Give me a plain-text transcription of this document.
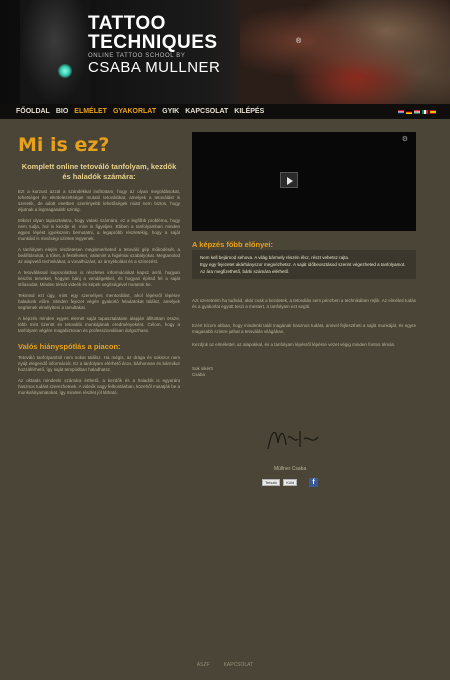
TATTOO
TECHNIQUES
ONLINE TATTOO SCHOOL BY
CSABA MULLNER
®
FŐOLDAL BIO ELMÉLET GYAKORLAT GYIK KAPCSOLAT KILÉPÉS
Mi is ez?
Komplett online tetováló tanfolyam, kezdők és haladók számára:

Ezt a kurzust azzal a szándékkal indítottam, hogy az olyan megoldásokat, tehetséget és elkötelezettséget mutató tetoválókat, amelyek a tetoválást is szeretik, de adott esetben szerényebb lehetőségek miatt nem biztos, hogy eljutnak a legmagasabb szintig.

Miközt olyan tapasztalatra, hogy valaki számára, ez a legfőbb probléma, hogy nem tudja, hol is kezdje el, mire is figyeljen. Ebben a tanfolyamban minden egyes lépést igyekszem bemutatni, a legapróbb részletekig, hogy a saját munkáid is minőségi szinten legyenek.

A tanfolyam elején részletesen megismerheted a tetováló gép működését, a beállításokat, a tűket, a festékeket, valamint a higiéniai szabályokat. Megtanulod az alapvető technikákat, a vonalhúzást, az árnyékolást és a színezést.

A tetoválással kapcsolatban is részletes információkat kapsz arról, hogyan készíts terveket, hogyan bánj a vendégekkel, és hogyan építsd fel a saját stílusodat. Minden témát videók és képek segítségével mutatok be.

Tekintsd ezt úgy, mint egy személyes mentorálást, ahol lépésről lépésre haladunk előre. Minden fejezet végén gyakorló feladatokat találsz, amelyek segítenek elmélyíteni a tanultakat.

A képzés minden egyes elemét saját tapasztalataim alapján állítottam össze, több mint tizenöt év tetoválói munkájának eredményeként. Célom, hogy a tanfolyam végére magabiztosan és professzionálisan dolgozhass.

Valós hiányspótlás a piacon:

Tetováló tanfolyamból nem sokat találsz. Ha mégis, az drága és sokszor nem nyújt elegendő információt. Ez a tanfolyam elérhető áron, bárhonnan és bármikor hozzáférhető, így saját tempódban haladhatsz.

Az oktatás mindenki számára érthető, a kezdők és a haladók is egyaránt hasznos tudást szerezhetnek. A videók nagy felbontásban, közelről mutatják be a munkafolyamatokat, így minden részlet jól látható.

⚙
A képzés főbb előnyei:
Nem kell bejárnod sehova. A világ bármely részén élsz, részt vehetsz rajta.
Egy egy fejezetet akárhányszor megnézhetsz. A saját időbeosztásod szerint végezheted a tanfolyamot.
Az ára megfizethető, bárki számára elérhető.

Azt szeretném ha tudnád, akár csak a kezdetek, a tetoválás sem pénzben a technikában rejlik. Az elméleti tudás és a gyakorlat együtt teszi a mestert, a tanfolyam ezt segíti.

Ezért bízom abban, hogy mindenki talál magának hasznos tudást, amivel fejlesztheti a saját munkáját, és egyre magasabb szintre juthat a tetoválás világában.

Kezdjük az elmélettel, az alapokkal, és a tanfolyam lépésről lépésre vezet végig minden fontos témán.

Sok sikert!

Csaba

Müllner Csaba
Tetszik	Küld	f
ÁSZF	KAPCSOLAT
